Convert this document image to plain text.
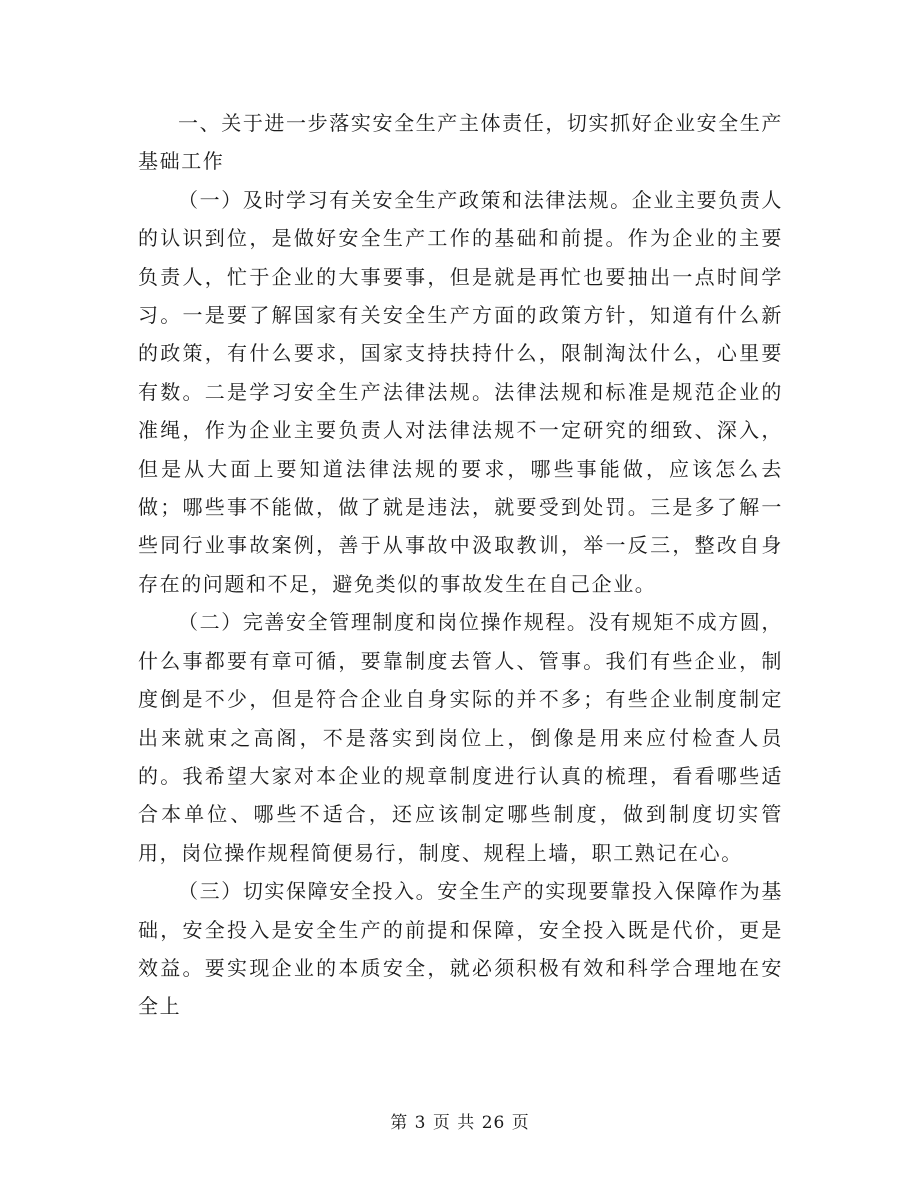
一、关于进一步落实安全生产主体责任，切实抓好企业安全生产基础工作

（一）及时学习有关安全生产政策和法律法规。企业主要负责人的认识到位，是做好安全生产工作的基础和前提。作为企业的主要负责人，忙于企业的大事要事，但是就是再忙也要抽出一点时间学习。一是要了解国家有关安全生产方面的政策方针，知道有什么新的政策，有什么要求，国家支持扶持什么，限制淘汰什么，心里要有数。二是学习安全生产法律法规。法律法规和标准是规范企业的准绳，作为企业主要负责人对法律法规不一定研究的细致、深入，但是从大面上要知道法律法规的要求，哪些事能做，应该怎么去做；哪些事不能做，做了就是违法，就要受到处罚。三是多了解一些同行业事故案例，善于从事故中汲取教训，举一反三，整改自身存在的问题和不足，避免类似的事故发生在自己企业。

（二）完善安全管理制度和岗位操作规程。没有规矩不成方圆，什么事都要有章可循，要靠制度去管人、管事。我们有些企业，制度倒是不少，但是符合企业自身实际的并不多；有些企业制度制定出来就束之高阁，不是落实到岗位上，倒像是用来应付检查人员的。我希望大家对本企业的规章制度进行认真的梳理，看看哪些适合本单位、哪些不适合，还应该制定哪些制度，做到制度切实管用，岗位操作规程简便易行，制度、规程上墙，职工熟记在心。

（三）切实保障安全投入。安全生产的实现要靠投入保障作为基础，安全投入是安全生产的前提和保障，安全投入既是代价，更是效益。要实现企业的本质安全，就必须积极有效和科学合理地在安全上

第 3 页 共 26 页
